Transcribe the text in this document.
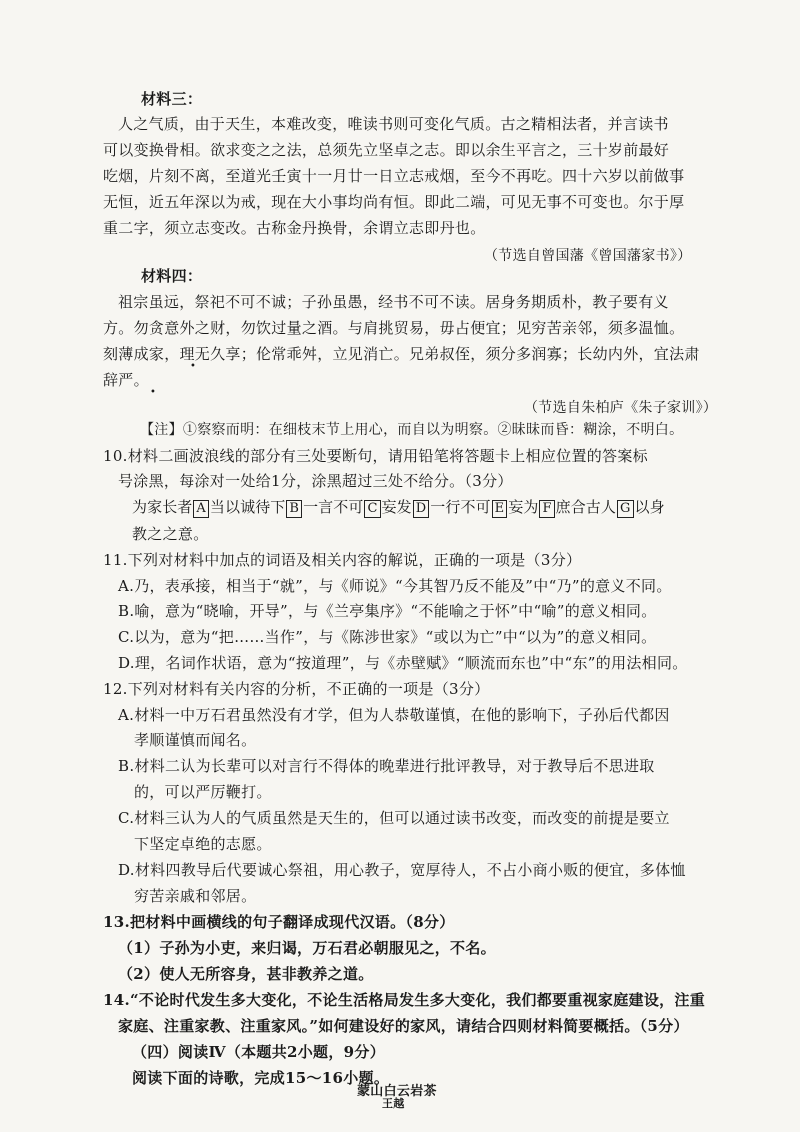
材料三：
人之气质，由于天生，本难改变，唯读书则可变化气质。古之精相法者，并言读书
可以变换骨相。欲求变之之法，总须先立坚卓之志。即以余生平言之，三十岁前最好
吃烟，片刻不离，至道光壬寅十一月廿一日立志戒烟，至今不再吃。四十六岁以前做事
无恒，近五年深以为戒，现在大小事均尚有恒。即此二端，可见无事不可变也。尔于厚
重二字，须立志变改。古称金丹换骨，余谓立志即丹也。
（节选自曾国藩《曾国藩家书》）
材料四：
祖宗虽远，祭祀不可不诚；子孙虽愚，经书不可不读。居身务期质朴，教子要有义
方。勿贪意外之财，勿饮过量之酒。与肩挑贸易，毋占便宜；见穷苦亲邻，须多温恤。
刻薄成家，理无久享；伦常乖舛，立见消亡。兄弟叔侄，须分多润寡；长幼内外，宜法肃
•
辞严。
•
（节选自朱柏庐《朱子家训》）
【注】①察察而明：在细枝末节上用心，而自以为明察。②昧昧而昏：糊涂，不明白。
10.材料二画波浪线的部分有三处要断句，请用铅笔将答题卡上相应位置的答案标
号涂黑，每涂对一处给1分，涂黑超过三处不给分。（3分）
为家长者 A 当以诚待下 B 一言不可 C 妄发 D 一行不可 E 妄为 F 庶合古人 G 以身
教之之意。
11.下列对材料中加点的词语及相关内容的解说，正确的一项是（3分）
A.乃，表承接，相当于“就”，与《师说》“今其智乃反不能及”中“乃”的意义不同。
B.喻，意为“晓喻，开导”，与《兰亭集序》“不能喻之于怀”中“喻”的意义相同。
C.以为，意为“把……当作”，与《陈涉世家》“或以为亡”中“以为”的意义相同。
D.理，名词作状语，意为“按道理”，与《赤壁赋》“顺流而东也”中“东”的用法相同。
12.下列对材料有关内容的分析，不正确的一项是（3分）
A.材料一中万石君虽然没有才学，但为人恭敬谨慎，在他的影响下，子孙后代都因
孝顺谨慎而闻名。
B.材料二认为长辈可以对言行不得体的晚辈进行批评教导，对于教导后不思进取
的，可以严厉鞭打。
C.材料三认为人的气质虽然是天生的，但可以通过读书改变，而改变的前提是要立
下坚定卓绝的志愿。
D.材料四教导后代要诚心祭祖，用心教子，宽厚待人，不占小商小贩的便宜，多体恤
穷苦亲戚和邻居。
13.把材料中画横线的句子翻译成现代汉语。（8分）
（1）子孙为小吏，来归谒，万石君必朝服见之，不名。
（2）使人无所容身，甚非教养之道。
14.“不论时代发生多大变化，不论生活格局发生多大变化，我们都要重视家庭建设，注重
家庭、注重家教、注重家风。”如何建设好的家风，请结合四则材料简要概括。（5分）
（四）阅读Ⅳ（本题共2小题，9分）
阅读下面的诗歌，完成15～16小题。
蒙山白云岩茶
王越
